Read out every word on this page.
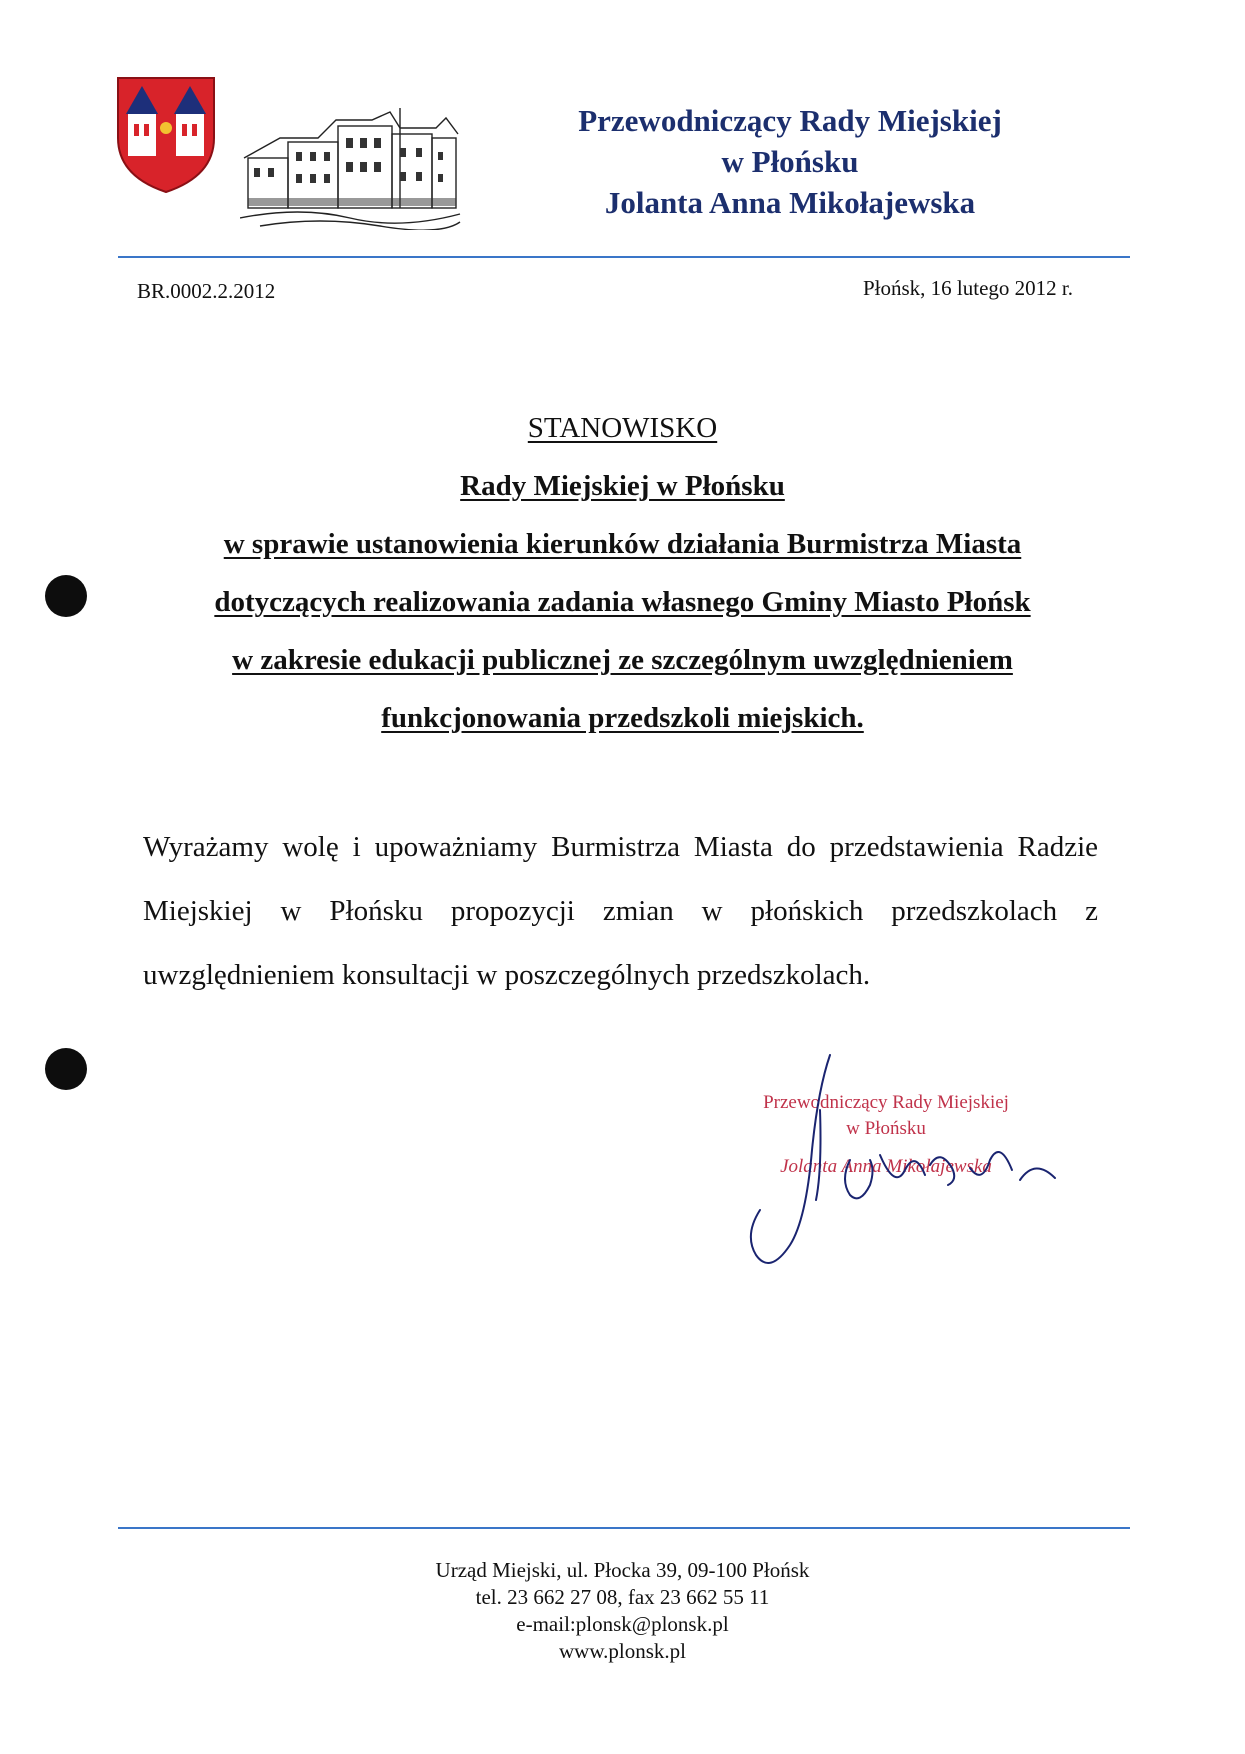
Przewodniczący Rady Miejskiej
w Płońsku
Jolanta Anna Mikołajewska
BR.0002.2.2012	Płońsk, 16 lutego 2012 r.
STANOWISKO
Rady Miejskiej w Płońsku
w sprawie ustanowienia kierunków działania Burmistrza Miasta
dotyczących realizowania zadania własnego Gminy Miasto Płońsk
w zakresie edukacji publicznej ze szczególnym uwzględnieniem
funkcjonowania przedszkoli miejskich.
Wyrażamy wolę i upoważniamy Burmistrza Miasta do przedstawienia Radzie Miejskiej w Płońsku propozycji zmian w płońskich przedszkolach z uwzględnieniem konsultacji w poszczególnych przedszkolach.
Przewodniczący Rady Miejskiej
w Płońsku
Jolanta Anna Mikołajewska
Urząd Miejski, ul. Płocka 39, 09-100 Płońsk
tel. 23 662 27 08, fax 23 662 55 11
e-mail:plonsk@plonsk.pl
www.plonsk.pl
